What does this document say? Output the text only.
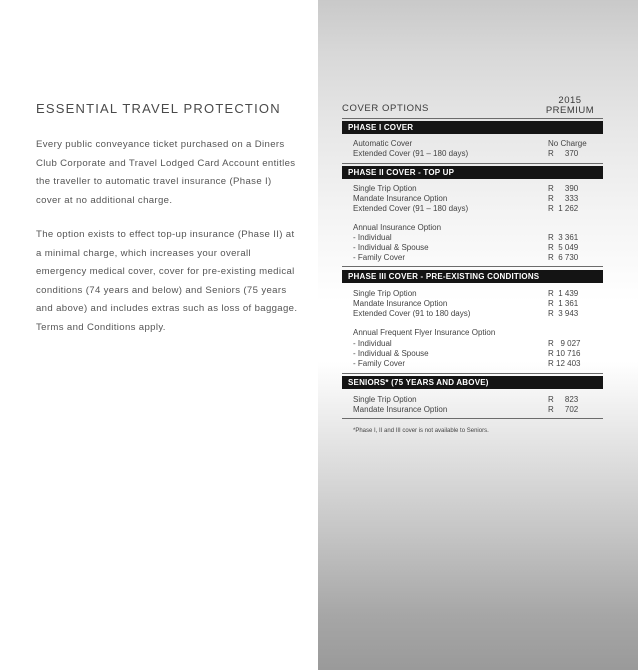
ESSENTIAL TRAVEL PROTECTION
Every public conveyance ticket purchased on a Diners Club Corporate and Travel Lodged Card Account entitles the traveller to automatic travel insurance (Phase I) cover at no additional charge.
The option exists to effect top-up insurance (Phase II) at a minimal charge, which increases your overall emergency medical cover, cover for pre-existing medical conditions (74 years and below) and Seniors (75 years and above) and includes extras such as loss of baggage. Terms and Conditions apply.
COVER OPTIONS
2015
PREMIUM
PHASE I COVER
Automatic Cover	No Charge
Extended Cover (91 – 180 days)	R     370
PHASE II COVER - TOP UP
Single Trip Option	R     390
Mandate Insurance Option	R     333
Extended Cover (91 – 180 days)	R  1 262
Annual Insurance Option
- Individual	R  3 361
- Individual & Spouse	R  5 049
- Family Cover	R  6 730
PHASE III COVER - PRE-EXISTING CONDITIONS
Single Trip Option	R  1 439
Mandate Insurance Option	R  1 361
Extended Cover (91 to 180 days)	R  3 943
Annual Frequent Flyer Insurance Option
- Individual	R   9 027
- Individual & Spouse	R 10 716
- Family Cover	R 12 403
SENIORS* (75 YEARS AND ABOVE)
Single Trip Option	R     823
Mandate Insurance Option	R     702
*Phase I, II and III cover is not available to Seniors.
